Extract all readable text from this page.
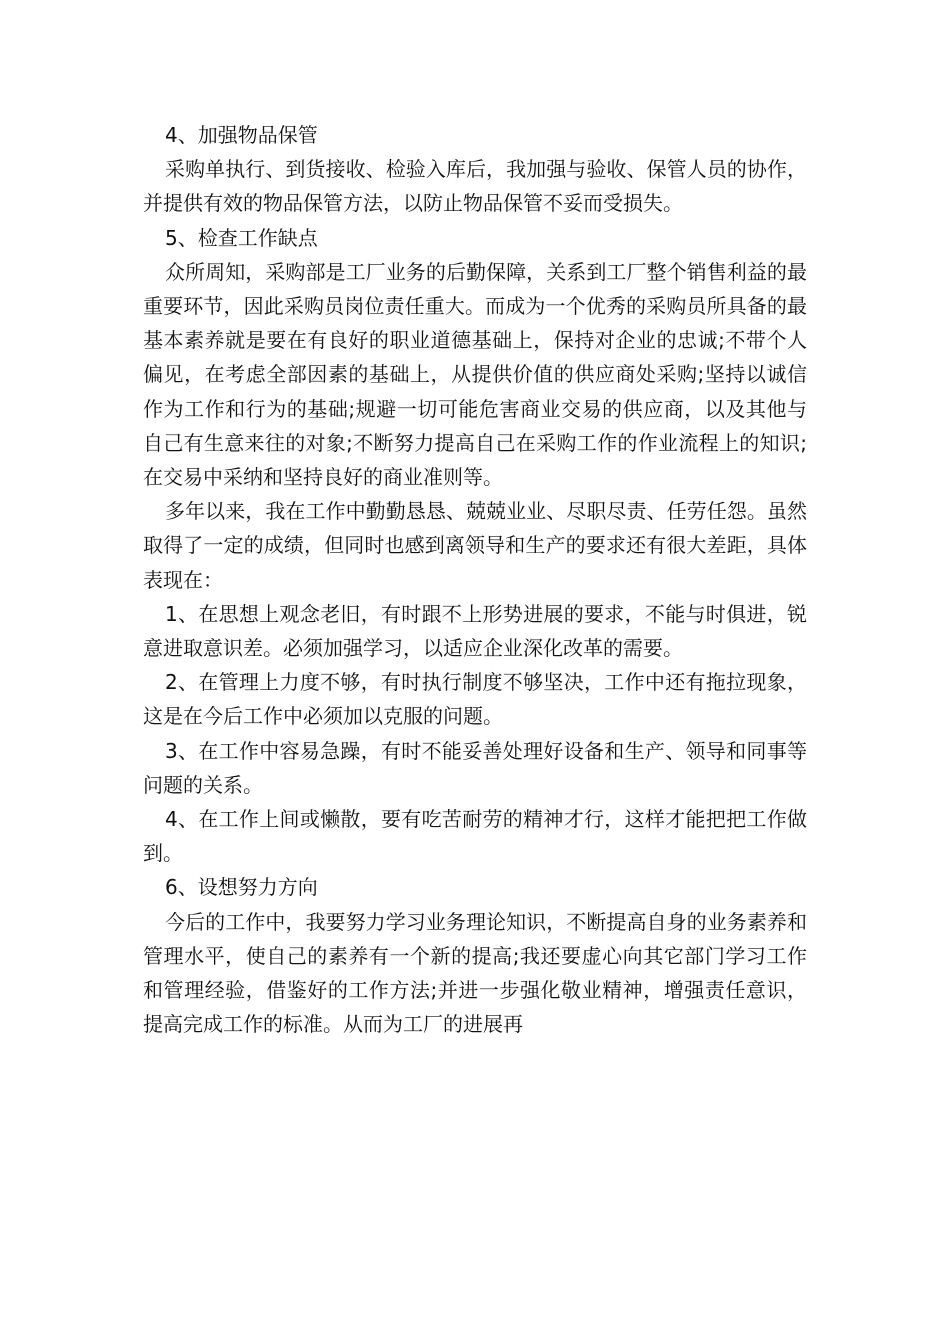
4、加强物品保管

采购单执行、到货接收、检验入库后，我加强与验收、保管人员的协作，并提供有效的物品保管方法，以防止物品保管不妥而受损失。

5、检查工作缺点

众所周知，采购部是工厂业务的后勤保障，关系到工厂整个销售利益的最重要环节，因此采购员岗位责任重大。而成为一个优秀的采购员所具备的最基本素养就是要在有良好的职业道德基础上，保持对企业的忠诚;不带个人偏见，在考虑全部因素的基础上，从提供价值的供应商处采购;坚持以诚信作为工作和行为的基础;规避一切可能危害商业交易的供应商，以及其他与自己有生意来往的对象;不断努力提高自己在采购工作的作业流程上的知识;在交易中采纳和坚持良好的商业准则等。

多年以来，我在工作中勤勤恳恳、兢兢业业、尽职尽责、任劳任怨。虽然取得了一定的成绩，但同时也感到离领导和生产的要求还有很大差距，具体表现在：

1、在思想上观念老旧，有时跟不上形势进展的要求，不能与时俱进，锐意进取意识差。必须加强学习，以适应企业深化改革的需要。

2、在管理上力度不够，有时执行制度不够坚决，工作中还有拖拉现象，这是在今后工作中必须加以克服的问题。

3、在工作中容易急躁，有时不能妥善处理好设备和生产、领导和同事等问题的关系。

4、在工作上间或懒散，要有吃苦耐劳的精神才行，这样才能把把工作做到。

6、设想努力方向

今后的工作中，我要努力学习业务理论知识，不断提高自身的业务素养和管理水平，使自己的素养有一个新的提高;我还要虚心向其它部门学习工作和管理经验，借鉴好的工作方法;并进一步强化敬业精神，增强责任意识，提高完成工作的标准。从而为工厂的进展再
